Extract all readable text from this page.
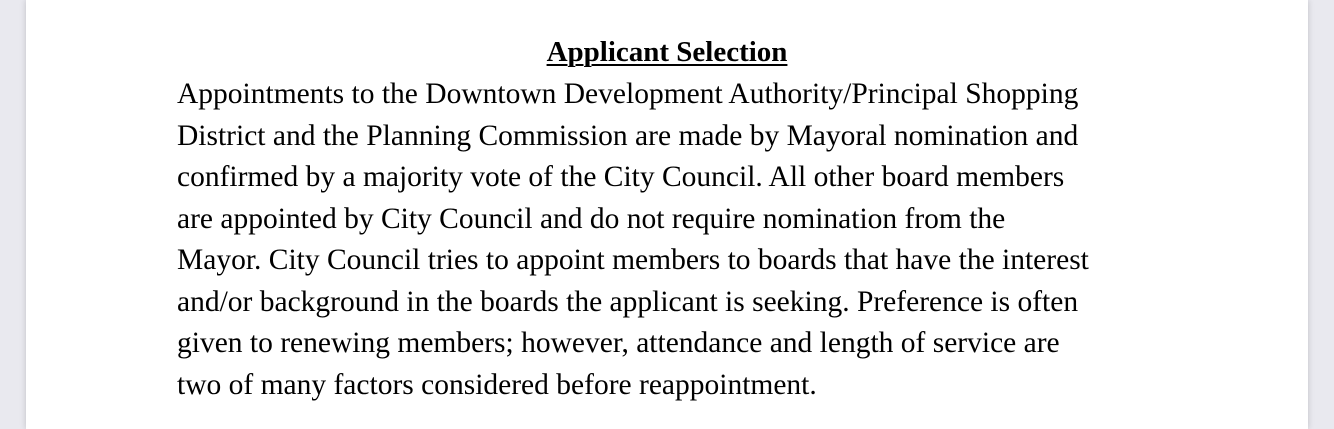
Applicant Selection
Appointments to the Downtown Development Authority/Principal Shopping
District and the Planning Commission are made by Mayoral nomination and
confirmed by a majority vote of the City Council. All other board members
are appointed by City Council and do not require nomination from the
Mayor. City Council tries to appoint members to boards that have the interest
and/or background in the boards the applicant is seeking. Preference is often
given to renewing members; however, attendance and length of service are
two of many factors considered before reappointment.
